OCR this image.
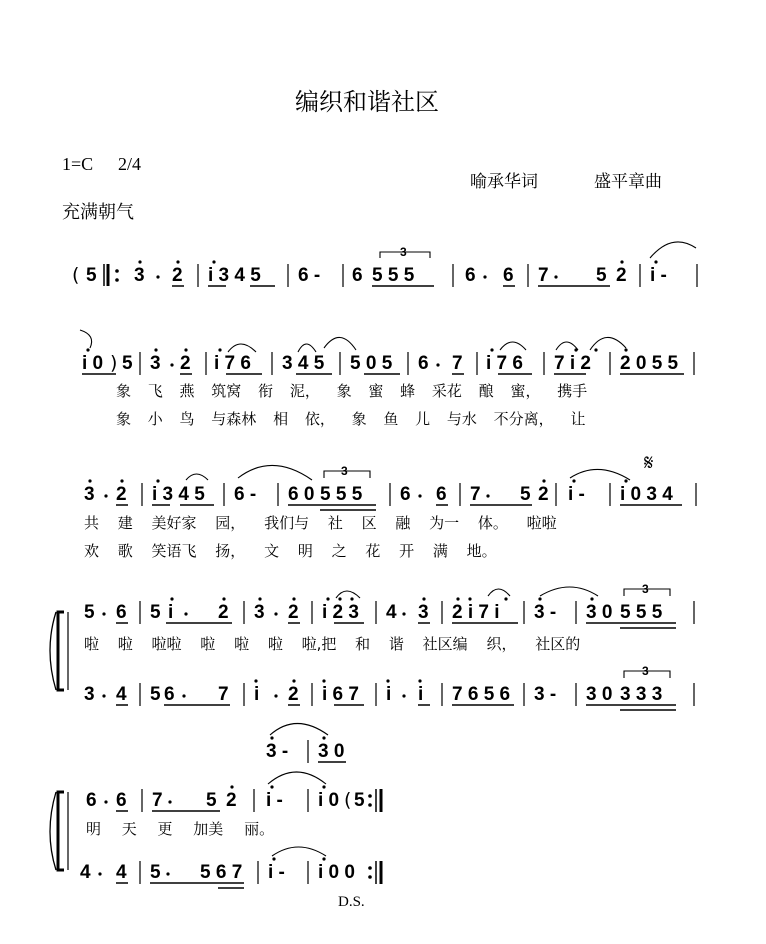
编织和谐社区
1=C 2/4
喻承华词	盛平章曲
充满朝气
( 5 3 2 i 3 4 5 6 - 6 5 5 5
3
6 6 7 5 2 i -
i 0 ) 5 3 2 i 7 6 3 4 5 5 0 5 6 7 i 7 6 7 i 2 2 0 5 5
象 飞 燕 筑窝 衔 泥， 象 蜜 蜂 采花 酿 蜜， 携手
象 小 鸟 与森林 相 依， 象 鱼 儿 与水 不分离， 让
𝄋
3 2 i 3 4 5 6 - 6 0 5 5 5
3
6 6 7 5 2 i - i 0 3 4
共 建 美好家 园， 我们与 社 区 融 为一 体。 啦啦
欢 歌 笑语飞 扬， 文 明 之 花 开 满 地。
5 6 5 i 2 3 2 i 2 3 4 3 2 i 7 i 3 - 3 0 5 5 5
3
3 4 5 6 7 i 2 i 6 7 i i 7 6 5 6 3 - 3 0 3 3 3
3
3 - 3 0
啦 啦 啦啦 啦 啦 啦 啦,把 和 谐 社区编 织， 社区的
6 6 7 5 2 i - i 0 ( 5
4 4 5 5 6 7 i - i 0 0
明 天 更 加美 丽。
D.S.
